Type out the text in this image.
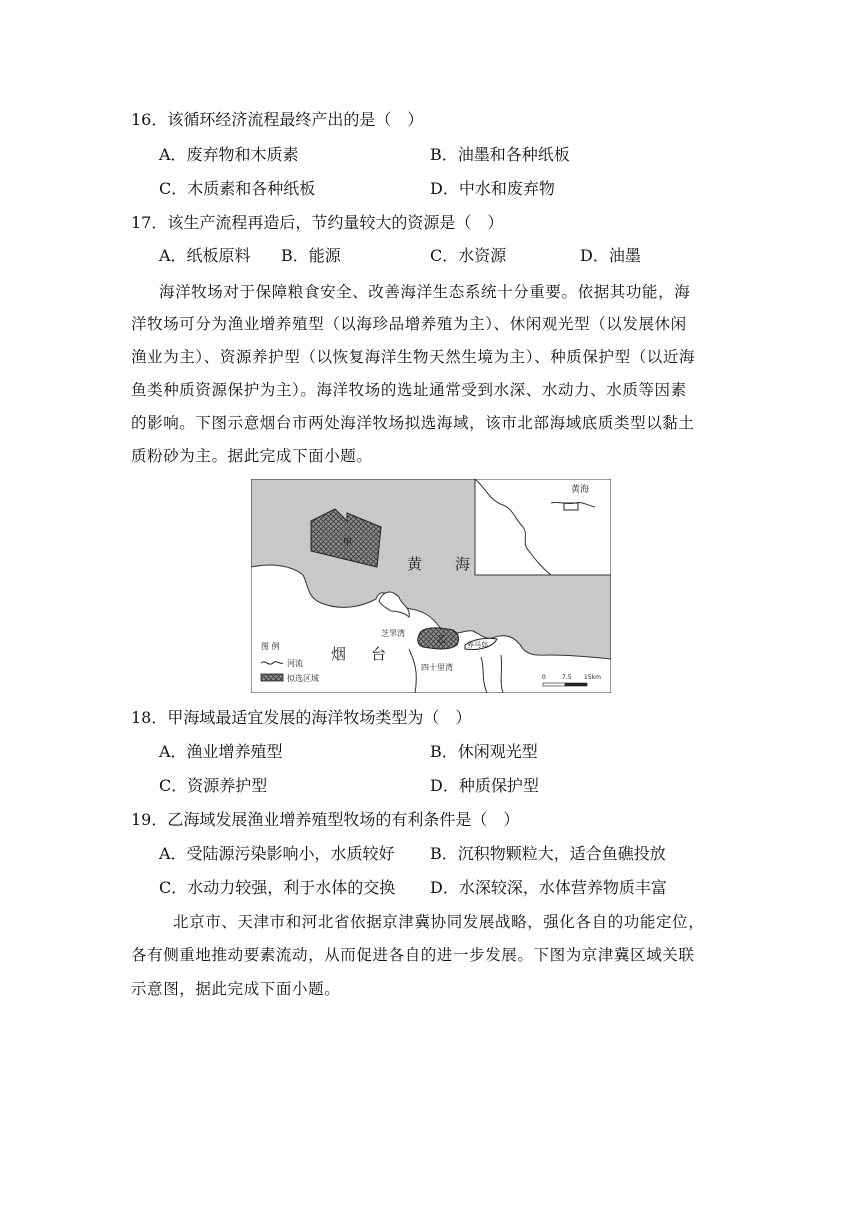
16．该循环经济流程最终产出的是（　）
A．废弃物和木质素	B．油墨和各种纸板
C．木质素和各种纸板	D．中水和废弃物
17．该生产流程再造后，节约量较大的资源是（　）
A．纸板原料 B．能源	C．水资源	D．油墨
海洋牧场对于保障粮食安全、改善海洋生态系统十分重要。依据其功能，海
洋牧场可分为渔业增养殖型（以海珍品增养殖为主）、休闲观光型（以发展休闲
渔业为主）、资源养护型（以恢复海洋生物天然生境为主）、种质保护型（以近海
鱼类种质资源保护为主）。海洋牧场的选址通常受到水深、水动力、水质等因素
的影响。下图示意烟台市两处海洋牧场拟选海域，该市北部海域底质类型以黏土
质粉砂为主。据此完成下面小题。
黄海
甲
乙
黄 海
烟 台
芝罘湾
四十里湾
养马岛
图 例
河流
拟选区域	0	7.5 15km
18．甲海域最适宜发展的海洋牧场类型为（　）
A．渔业增养殖型	B．休闲观光型
C．资源养护型	D．种质保护型
19．乙海域发展渔业增养殖型牧场的有利条件是（　）
A．受陆源污染影响小，水质较好 B．沉积物颗粒大，适合鱼礁投放
C．水动力较强，利于水体的交换 D．水深较深，水体营养物质丰富
北京市、天津市和河北省依据京津冀协同发展战略，强化各自的功能定位，
各有侧重地推动要素流动，从而促进各自的进一步发展。下图为京津冀区域关联
示意图，据此完成下面小题。
